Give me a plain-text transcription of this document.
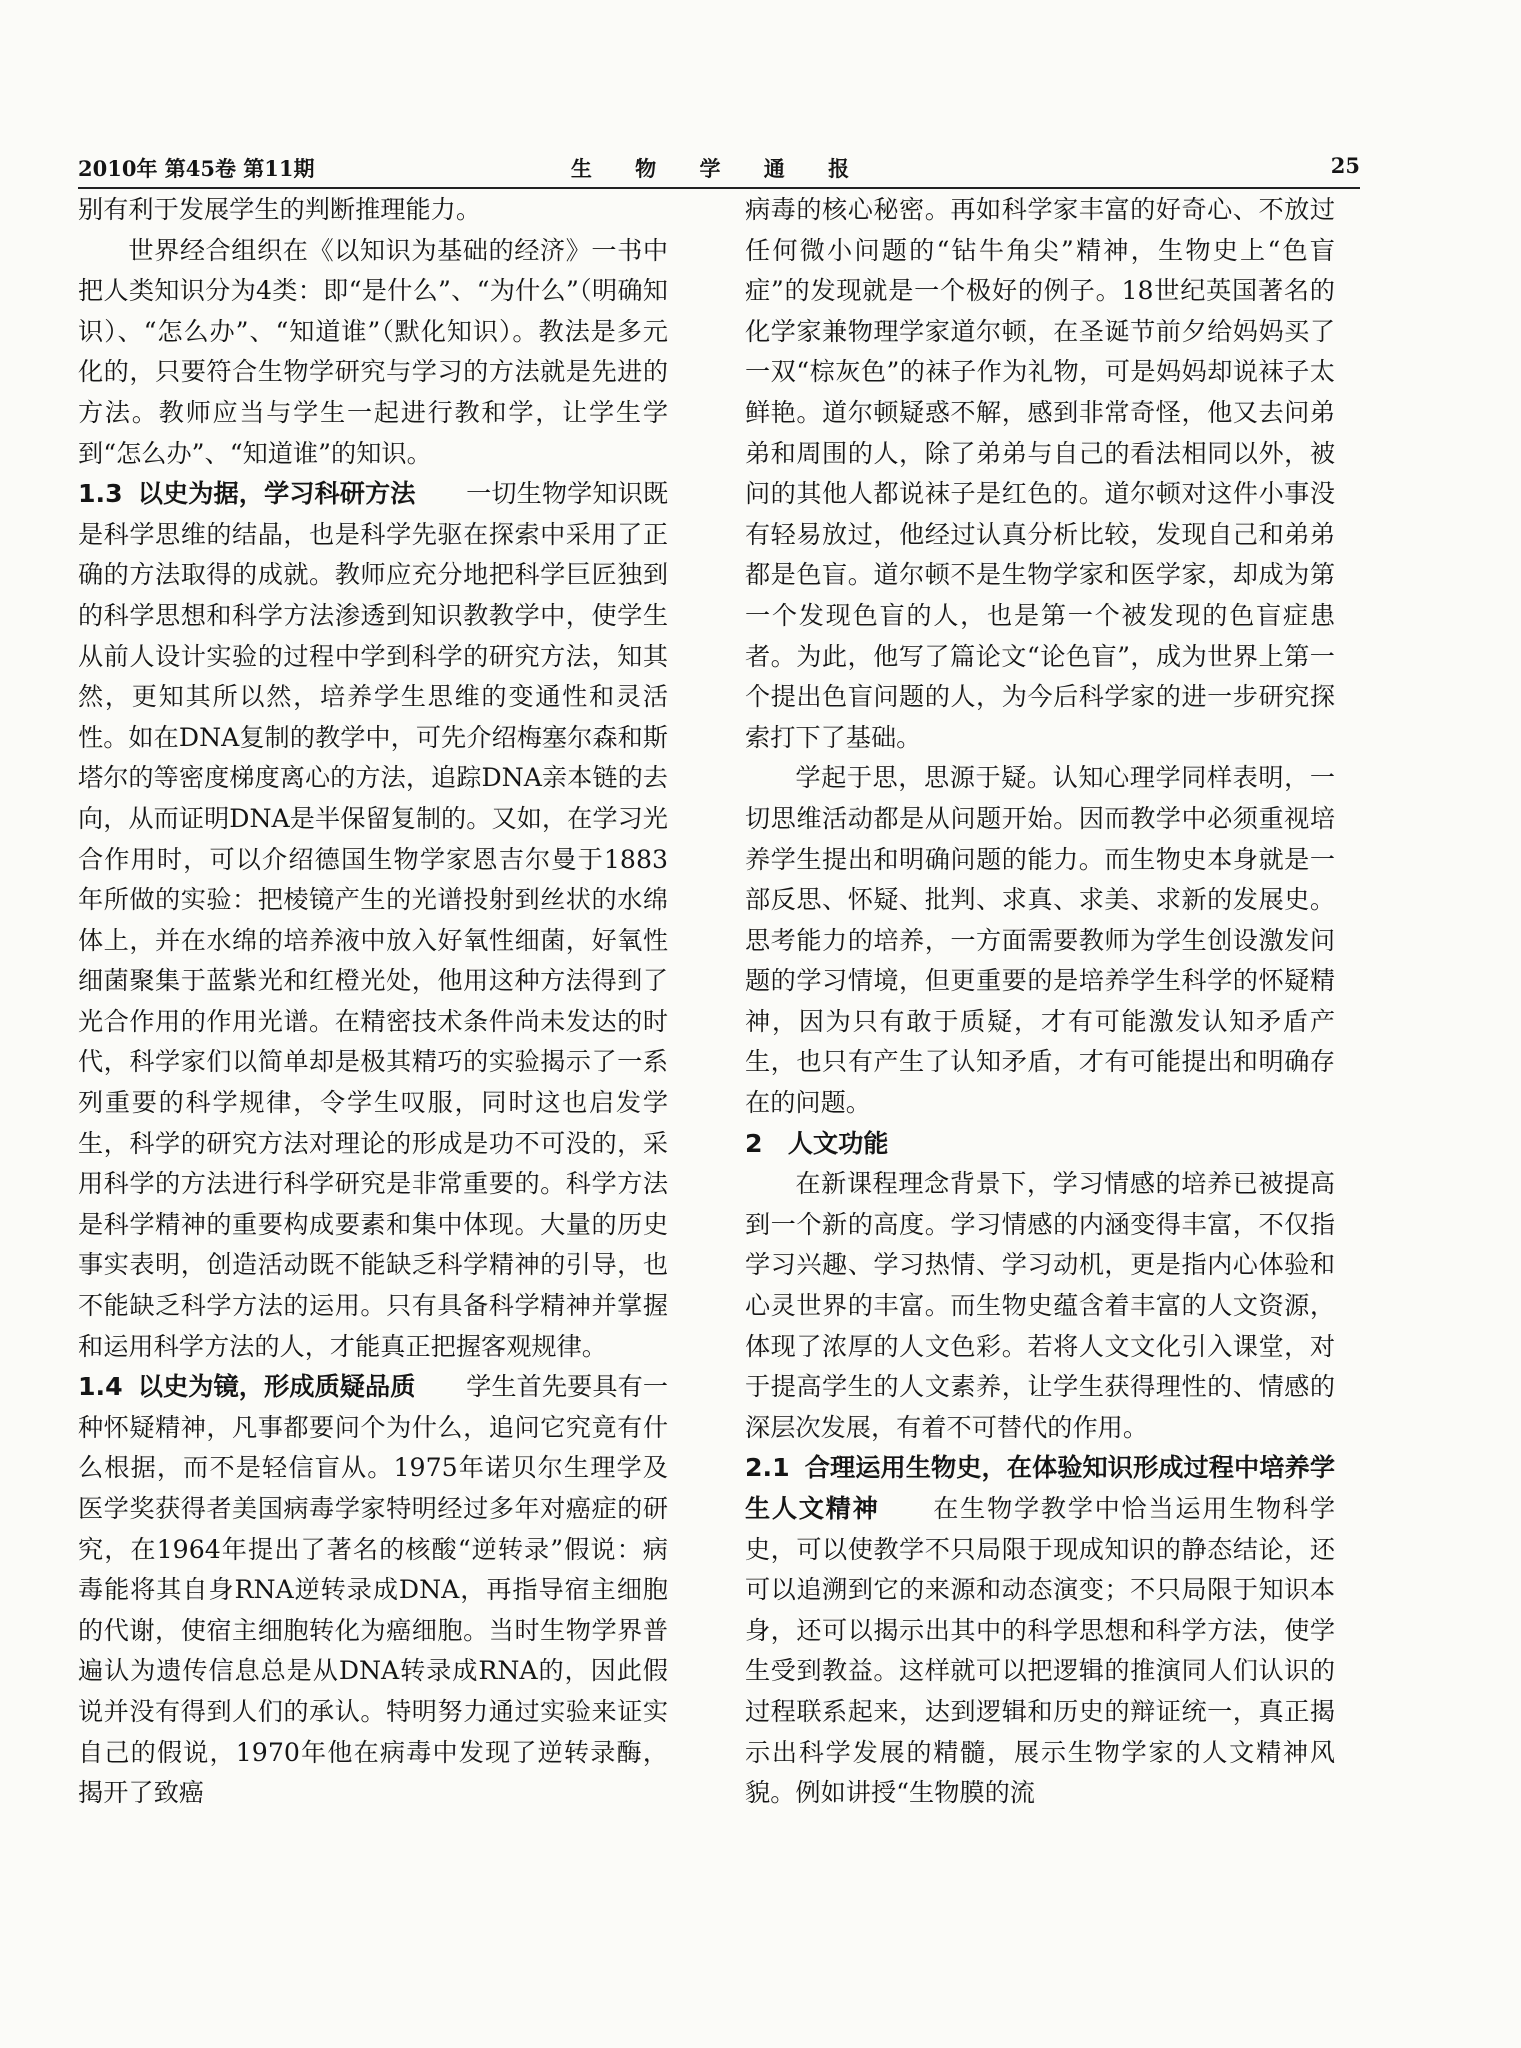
2010年 第45卷 第11期	生 物 学 通 报	25

别有利于发展学生的判断推理能力。

世界经合组织在《以知识为基础的经济》一书中把人类知识分为4类：即“是什么”、“为什么”（明确知识）、“怎么办”、“知道谁”（默化知识）。教法是多元化的，只要符合生物学研究与学习的方法就是先进的方法。教师应当与学生一起进行教和学，让学生学到“怎么办”、“知道谁”的知识。

1.3 以史为据，学习科研方法　　 一切生物学知识既是科学思维的结晶，也是科学先驱在探索中采用了正确的方法取得的成就。教师应充分地把科学巨匠独到的科学思想和科学方法渗透到知识教教学中，使学生从前人设计实验的过程中学到科学的研究方法，知其然，更知其所以然，培养学生思维的变通性和灵活性。如在DNA复制的教学中，可先介绍梅塞尔森和斯塔尔的等密度梯度离心的方法，追踪DNA亲本链的去向，从而证明DNA是半保留复制的。又如，在学习光合作用时，可以介绍德国生物学家恩吉尔曼于1883年所做的实验：把棱镜产生的光谱投射到丝状的水绵体上，并在水绵的培养液中放入好氧性细菌，好氧性细菌聚集于蓝紫光和红橙光处，他用这种方法得到了光合作用的作用光谱。在精密技术条件尚未发达的时代，科学家们以简单却是极其精巧的实验揭示了一系列重要的科学规律，令学生叹服，同时这也启发学生，科学的研究方法对理论的形成是功不可没的，采用科学的方法进行科学研究是非常重要的。科学方法是科学精神的重要构成要素和集中体现。大量的历史事实表明，创造活动既不能缺乏科学精神的引导，也不能缺乏科学方法的运用。只有具备科学精神并掌握和运用科学方法的人，才能真正把握客观规律。

1.4 以史为镜，形成质疑品质　　 学生首先要具有一种怀疑精神，凡事都要问个为什么，追问它究竟有什么根据，而不是轻信盲从。1975年诺贝尔生理学及医学奖获得者美国病毒学家特明经过多年对癌症的研究，在1964年提出了著名的核酸“逆转录”假说：病毒能将其自身RNA逆转录成DNA，再指导宿主细胞的代谢，使宿主细胞转化为癌细胞。当时生物学界普遍认为遗传信息总是从DNA转录成RNA的，因此假说并没有得到人们的承认。特明努力通过实验来证实自己的假说，1970年他在病毒中发现了逆转录酶，揭开了致癌

病毒的核心秘密。再如科学家丰富的好奇心、不放过任何微小问题的“钻牛角尖”精神，生物史上“色盲症”的发现就是一个极好的例子。18世纪英国著名的化学家兼物理学家道尔顿，在圣诞节前夕给妈妈买了一双“棕灰色”的袜子作为礼物，可是妈妈却说袜子太鲜艳。道尔顿疑惑不解，感到非常奇怪，他又去问弟弟和周围的人，除了弟弟与自己的看法相同以外，被问的其他人都说袜子是红色的。道尔顿对这件小事没有轻易放过，他经过认真分析比较，发现自己和弟弟都是色盲。道尔顿不是生物学家和医学家，却成为第一个发现色盲的人，也是第一个被发现的色盲症患者。为此，他写了篇论文“论色盲”，成为世界上第一个提出色盲问题的人，为今后科学家的进一步研究探索打下了基础。

学起于思，思源于疑。认知心理学同样表明，一切思维活动都是从问题开始。因而教学中必须重视培养学生提出和明确问题的能力。而生物史本身就是一部反思、怀疑、批判、求真、求美、求新的发展史。思考能力的培养，一方面需要教师为学生创设激发问题的学习情境，但更重要的是培养学生科学的怀疑精神，因为只有敢于质疑，才有可能激发认知矛盾产生，也只有产生了认知矛盾，才有可能提出和明确存在的问题。

2　人文功能

在新课程理念背景下，学习情感的培养已被提高到一个新的高度。学习情感的内涵变得丰富，不仅指学习兴趣、学习热情、学习动机，更是指内心体验和心灵世界的丰富。而生物史蕴含着丰富的人文资源，体现了浓厚的人文色彩。若将人文文化引入课堂，对于提高学生的人文素养，让学生获得理性的、情感的深层次发展，有着不可替代的作用。

2.1 合理运用生物史，在体验知识形成过程中培养学生人文精神　　 在生物学教学中恰当运用生物科学史，可以使教学不只局限于现成知识的静态结论，还可以追溯到它的来源和动态演变；不只局限于知识本身，还可以揭示出其中的科学思想和科学方法，使学生受到教益。这样就可以把逻辑的推演同人们认识的过程联系起来，达到逻辑和历史的辩证统一，真正揭示出科学发展的精髓，展示生物学家的人文精神风貌。例如讲授“生物膜的流
